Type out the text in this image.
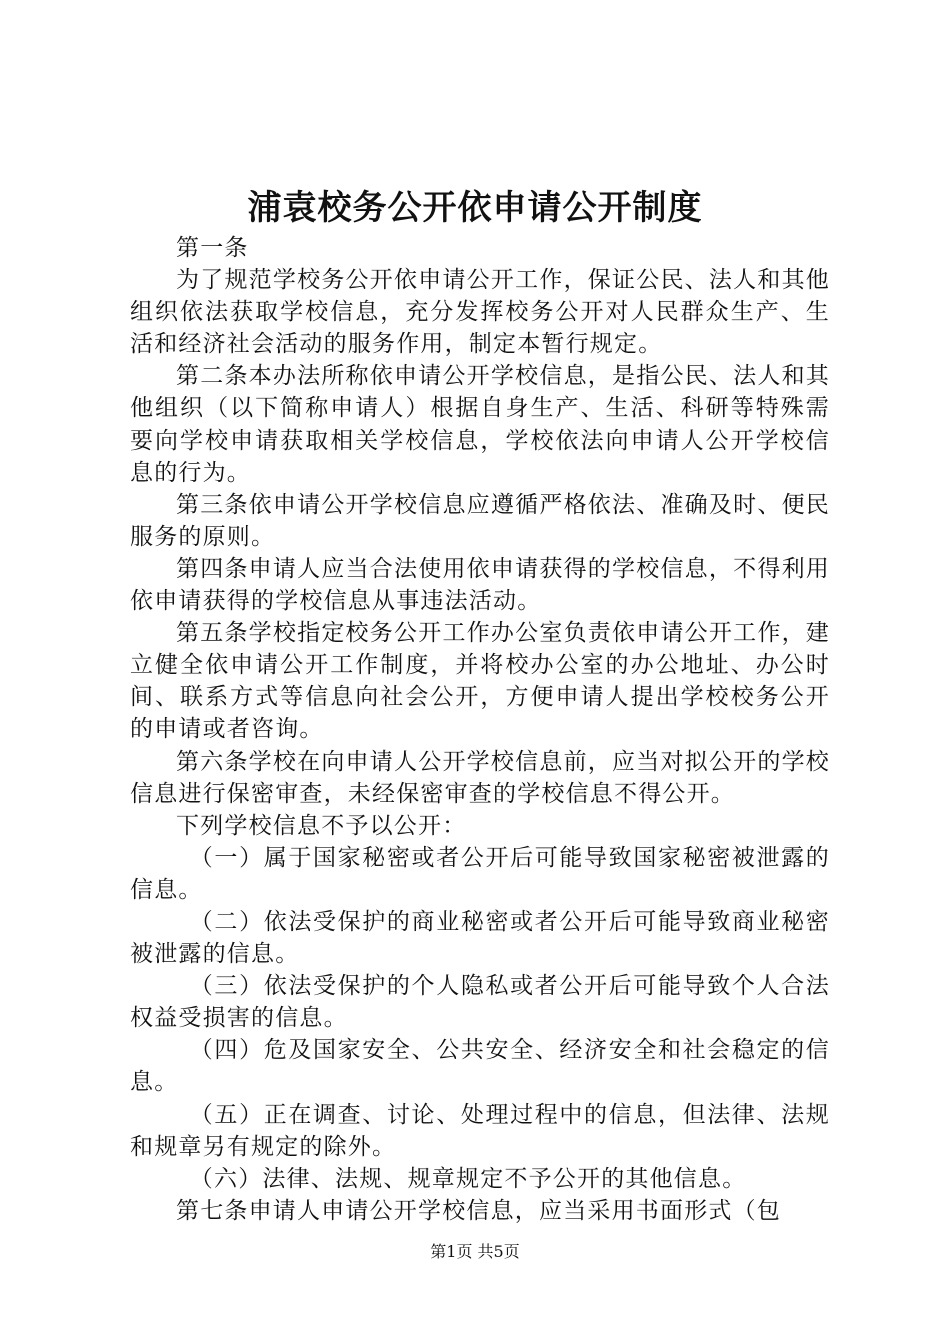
浦袁校务公开依申请公开制度

第一条

为了规范学校务公开依申请公开工作，保证公民、法人和其他组织依法获取学校信息，充分发挥校务公开对人民群众生产、生活和经济社会活动的服务作用，制定本暂行规定。

第二条本办法所称依申请公开学校信息，是指公民、法人和其他组织（以下简称申请人）根据自身生产、生活、科研等特殊需要向学校申请获取相关学校信息，学校依法向申请人公开学校信息的行为。

第三条依申请公开学校信息应遵循严格依法、准确及时、便民服务的原则。

第四条申请人应当合法使用依申请获得的学校信息，不得利用依申请获得的学校信息从事违法活动。

第五条学校指定校务公开工作办公室负责依申请公开工作，建立健全依申请公开工作制度，并将校办公室的办公地址、办公时间、联系方式等信息向社会公开，方便申请人提出学校校务公开的申请或者咨询。

第六条学校在向申请人公开学校信息前，应当对拟公开的学校信息进行保密审查，未经保密审查的学校信息不得公开。

下列学校信息不予以公开：

（一）属于国家秘密或者公开后可能导致国家秘密被泄露的信息。

（二）依法受保护的商业秘密或者公开后可能导致商业秘密被泄露的信息。

（三）依法受保护的个人隐私或者公开后可能导致个人合法权益受损害的信息。

（四）危及国家安全、公共安全、经济安全和社会稳定的信息。

（五）正在调查、讨论、处理过程中的信息，但法律、法规和规章另有规定的除外。

（六）法律、法规、规章规定不予公开的其他信息。

第七条申请人申请公开学校信息，应当采用书面形式（包

第1页 共5页
